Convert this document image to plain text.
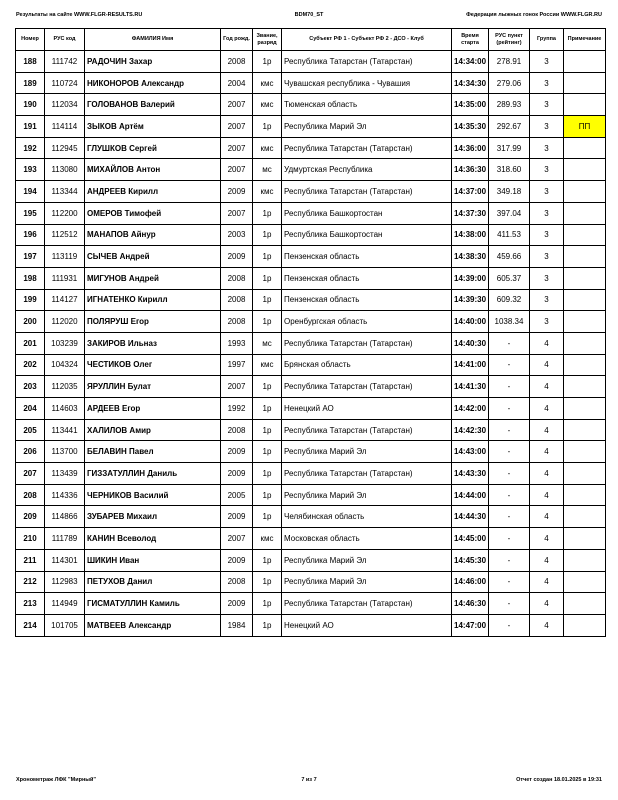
Результаты на сайте WWW.FLGR-RESULTS.RU	BDM70_ST	Федерация лыжных гонок России WWW.FLGR.RU
Номер	РУС код	ФАМИЛИЯ Имя	Год рожд.	Звание, разряд	Субъект РФ 1 - Субъект РФ 2 - ДСО - Клуб	Время старта	РУС пункт (рейтинг)	Группа	Примечание
188	111742	РАДОЧИН Захар	2008	1р	Республика Татарстан (Татарстан)	14:34:00	278.91	3	
189	110724	НИКОНОРОВ Александр	2004	кмс	Чувашская республика - Чувашия	14:34:30	279.06	3	
190	112034	ГОЛОВАНОВ Валерий	2007	кмс	Тюменская область	14:35:00	289.93	3	
191	114114	ЗЫКОВ Артём	2007	1р	Республика Марий Эл	14:35:30	292.67	3	ПП
192	112945	ГЛУШКОВ Сергей	2007	кмс	Республика Татарстан (Татарстан)	14:36:00	317.99	3	
193	113080	МИХАЙЛОВ Антон	2007	мс	Удмуртская Республика	14:36:30	318.60	3	
194	113344	АНДРЕЕВ Кирилл	2009	кмс	Республика Татарстан (Татарстан)	14:37:00	349.18	3	
195	112200	ОМЕРОВ Тимофей	2007	1р	Республика Башкортостан	14:37:30	397.04	3	
196	112512	МАНАПОВ Айнур	2003	1р	Республика Башкортостан	14:38:00	411.53	3	
197	113119	СЫЧЕВ Андрей	2009	1р	Пензенская область	14:38:30	459.66	3	
198	111931	МИГУНОВ Андрей	2008	1р	Пензенская область	14:39:00	605.37	3	
199	114127	ИГНАТЕНКО Кирилл	2008	1р	Пензенская область	14:39:30	609.32	3	
200	112020	ПОЛЯРУШ Егор	2008	1р	Оренбургская область	14:40:00	1038.34	3	
201	103239	ЗАКИРОВ Ильназ	1993	мс	Республика Татарстан (Татарстан)	14:40:30	-	4	
202	104324	ЧЕСТИКОВ Олег	1997	кмс	Брянская область	14:41:00	-	4	
203	112035	ЯРУЛЛИН Булат	2007	1р	Республика Татарстан (Татарстан)	14:41:30	-	4	
204	114603	АРДЕЕВ Егор	1992	1р	Ненецкий АО	14:42:00	-	4	
205	113441	ХАЛИЛОВ Амир	2008	1р	Республика Татарстан (Татарстан)	14:42:30	-	4	
206	113700	БЕЛАВИН Павел	2009	1р	Республика Марий Эл	14:43:00	-	4	
207	113439	ГИЗЗАТУЛЛИН Даниль	2009	1р	Республика Татарстан (Татарстан)	14:43:30	-	4	
208	114336	ЧЕРНИКОВ Василий	2005	1р	Республика Марий Эл	14:44:00	-	4	
209	114866	ЗУБАРЕВ Михаил	2009	1р	Челябинская область	14:44:30	-	4	
210	111789	КАНИН Всеволод	2007	кмс	Московская область	14:45:00	-	4	
211	114301	ШИКИН Иван	2009	1р	Республика Марий Эл	14:45:30	-	4	
212	112983	ПЕТУХОВ Данил	2008	1р	Республика Марий Эл	14:46:00	-	4	
213	114949	ГИСМАТУЛЛИН Камиль	2009	1р	Республика Татарстан (Татарстан)	14:46:30	-	4	
214	101705	МАТВЕЕВ Александр	1984	1р	Ненецкий АО	14:47:00	-	4	
Хронометраж ЛФК "Мирный"	7 из 7	Отчет создан 18.01.2025 в 19:31
